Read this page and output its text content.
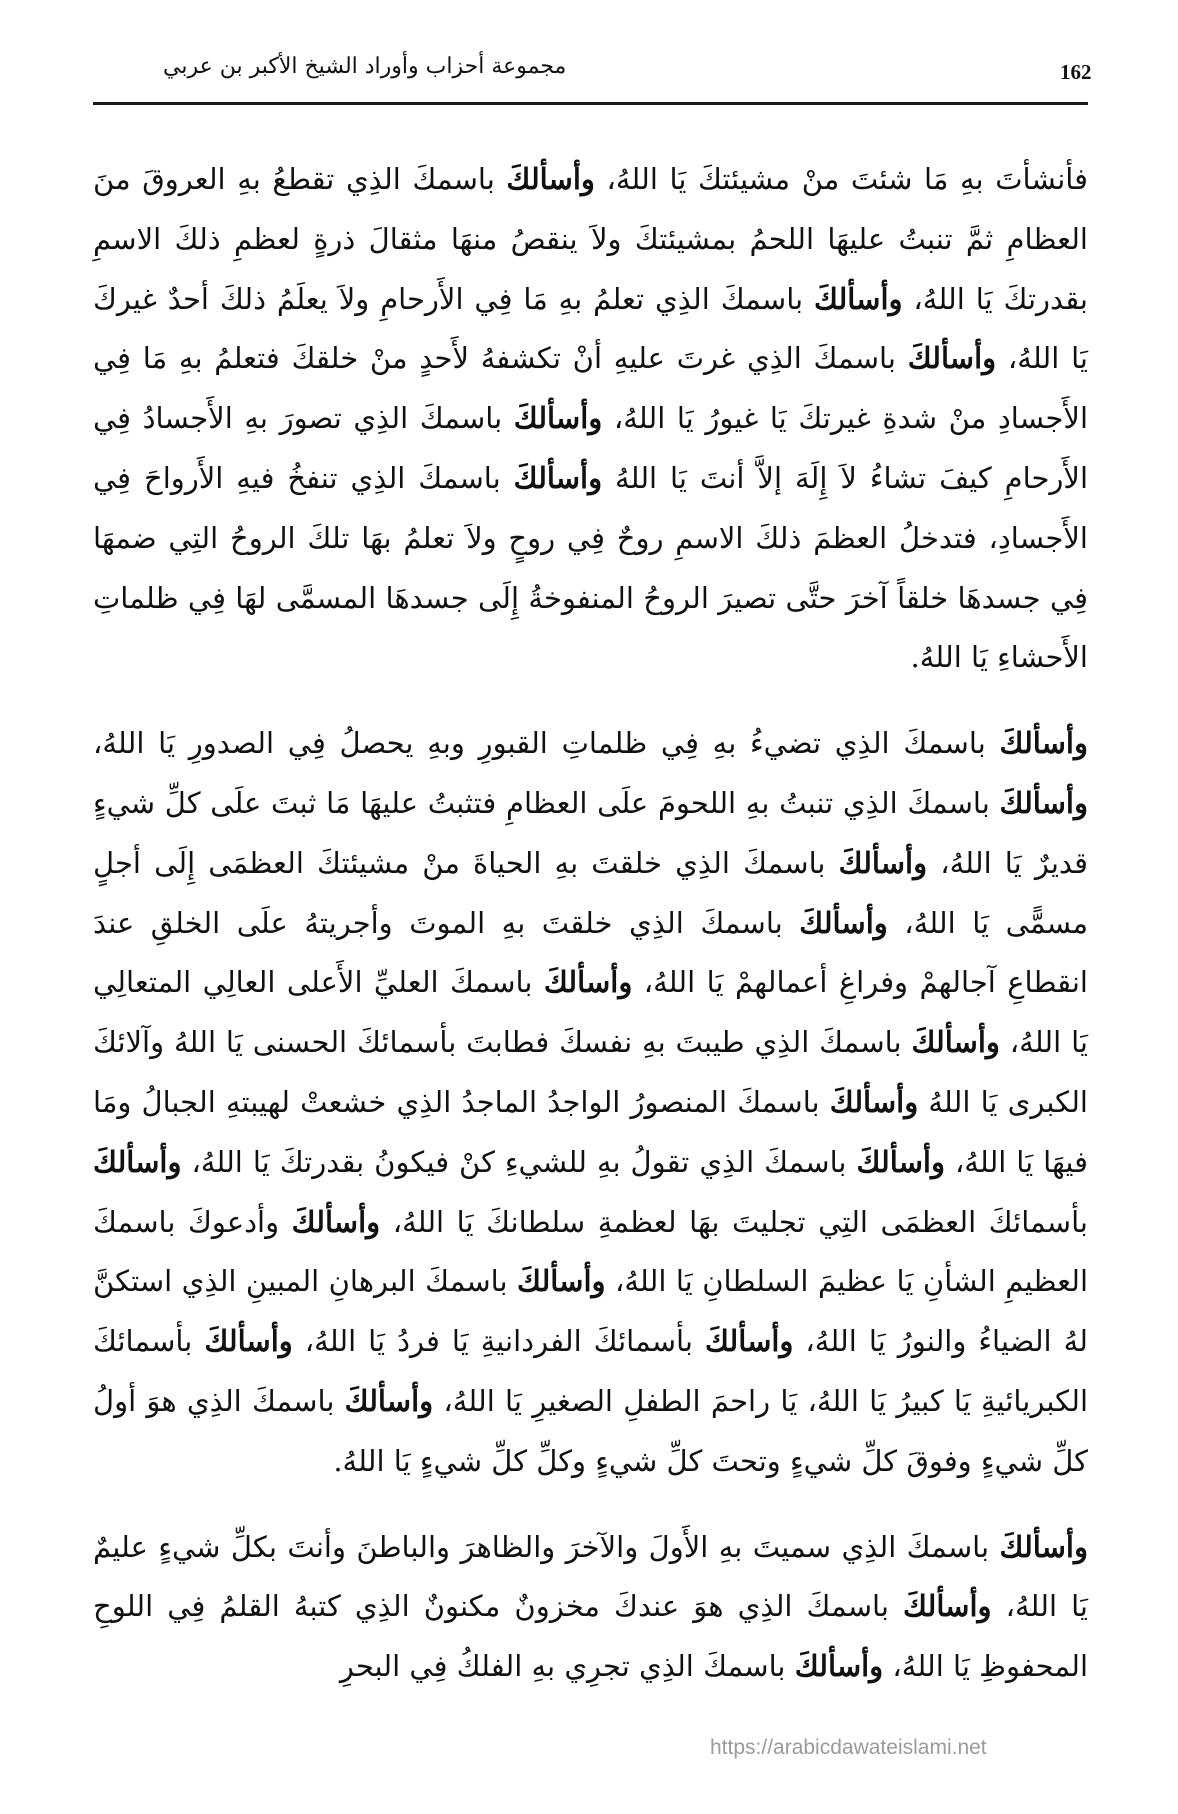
162
مجموعة أحزاب وأوراد الشيخ الأكبر بن عربي

فأنشأتَ بهِ مَا شئتَ منْ مشيئتكَ يَا اللهُ، وأسألكَ باسمكَ الذِي تقطعُ بهِ العروقَ منَ العظامِ ثمَّ تنبتُ عليهَا اللحمُ بمشيئتكَ ولاَ ينقصُ منهَا مثقالَ ذرةٍ لعظمِ ذلكَ الاسمِ بقدرتكَ يَا اللهُ، وأسألكَ باسمكَ الذِي تعلمُ بهِ مَا فِي الأَرحامِ ولاَ يعلَمُ ذلكَ أحدٌ غيركَ يَا اللهُ، وأسألكَ باسمكَ الذِي غرتَ عليهِ أنْ تكشفهُ لأَحدٍ منْ خلقكَ فتعلمُ بهِ مَا فِي الأَجسادِ منْ شدةِ غيرتكَ يَا غيورُ يَا اللهُ، وأسألكَ باسمكَ الذِي تصورَ بهِ الأَجسادُ فِي الأَرحامِ كيفَ تشاءُ لاَ إِلَهَ إلاَّ أنتَ يَا اللهُ وأسألكَ باسمكَ الذِي تنفخُ فيهِ الأَرواحَ فِي الأَجسادِ، فتدخلُ العظمَ ذلكَ الاسمِ روحٌ فِي روحٍ ولاَ تعلمُ بهَا تلكَ الروحُ التِي ضمهَا فِي جسدهَا خلقاً آخرَ حتَّى تصيرَ الروحُ المنفوخةُ إِلَى جسدهَا المسمَّى لهَا فِي ظلماتِ الأَحشاءِ يَا اللهُ.

وأسألكَ باسمكَ الذِي تضيءُ بهِ فِي ظلماتِ القبورِ وبهِ يحصلُ فِي الصدورِ يَا اللهُ، وأسألكَ باسمكَ الذِي تنبتُ بهِ اللحومَ علَى العظامِ فتثبتُ عليهَا مَا ثبتَ علَى كلِّ شيءٍ قديرٌ يَا اللهُ، وأسألكَ باسمكَ الذِي خلقتَ بهِ الحياةَ منْ مشيئتكَ العظمَى إِلَى أجلٍ مسمًّى يَا اللهُ، وأسألكَ باسمكَ الذِي خلقتَ بهِ الموتَ وأجريتهُ علَى الخلقِ عندَ انقطاعِ آجالهمْ وفراغِ أعمالهمْ يَا اللهُ، وأسألكَ باسمكَ العليِّ الأَعلى العالِي المتعالِي يَا اللهُ، وأسألكَ باسمكَ الذِي طيبتَ بهِ نفسكَ فطابتَ بأسمائكَ الحسنى يَا اللهُ وآلائكَ الكبرى يَا اللهُ وأسألكَ باسمكَ المنصورُ الواجدُ الماجدُ الذِي خشعتْ لهيبتهِ الجبالُ ومَا فيهَا يَا اللهُ، وأسألكَ باسمكَ الذِي تقولُ بهِ للشيءِ كنْ فيكونُ بقدرتكَ يَا اللهُ، وأسألكَ بأسمائكَ العظمَى التِي تجليتَ بهَا لعظمةِ سلطانكَ يَا اللهُ، وأسألكَ وأدعوكَ باسمكَ العظيمِ الشأنِ يَا عظيمَ السلطانِ يَا اللهُ، وأسألكَ باسمكَ البرهانِ المبينِ الذِي استكنَّ لهُ الضياءُ والنورُ يَا اللهُ، وأسألكَ بأسمائكَ الفردانيةِ يَا فردُ يَا اللهُ، وأسألكَ بأسمائكَ الكبريائيةِ يَا كبيرُ يَا اللهُ، يَا راحمَ الطفلِ الصغيرِ يَا اللهُ، وأسألكَ باسمكَ الذِي هوَ أولُ كلِّ شيءٍ وفوقَ كلِّ شيءٍ وتحتَ كلِّ شيءٍ وكلِّ كلِّ شيءٍ يَا اللهُ.

وأسألكَ باسمكَ الذِي سميتَ بهِ الأَولَ والآخرَ والظاهرَ والباطنَ وأنتَ بكلِّ شيءٍ عليمٌ يَا اللهُ، وأسألكَ باسمكَ الذِي هوَ عندكَ مخزونٌ مكنونٌ الذِي كتبهُ القلمُ فِي اللوحِ المحفوظِ يَا اللهُ، وأسألكَ باسمكَ الذِي تجرِي بهِ الفلكُ فِي البحرِ

https://arabicdawateislami.net
